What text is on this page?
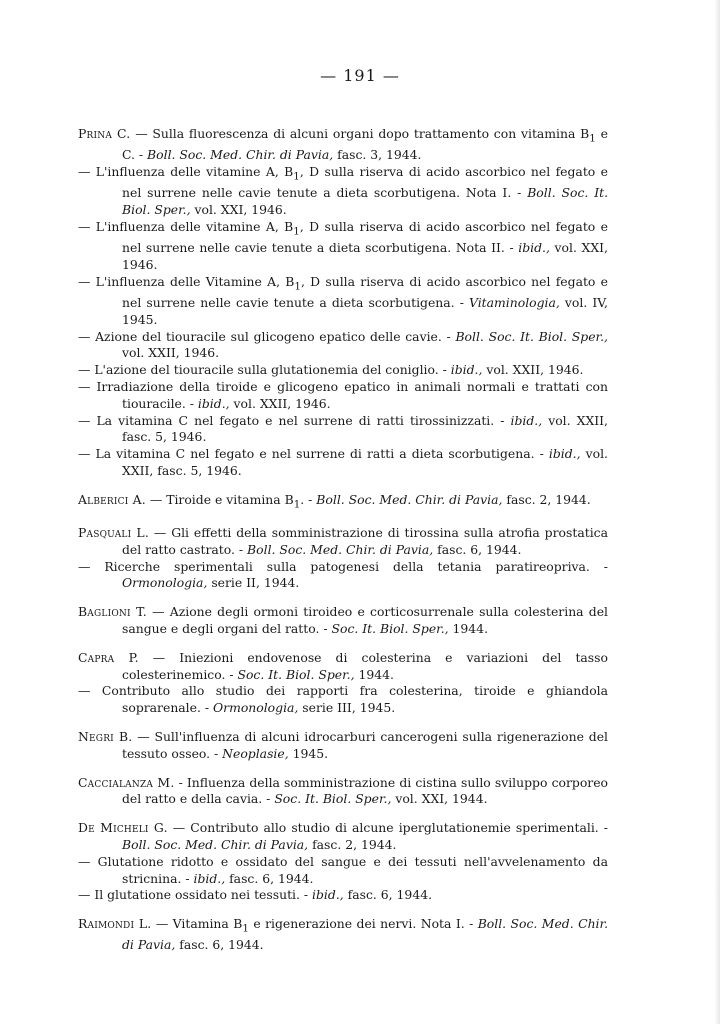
— 191 —
Prina C. — Sulla fluorescenza di alcuni organi dopo trattamento con vitamina $B_1$ e C. - Boll. Soc. Med. Chir. di Pavia, fasc. 3, 1944.
— L'influenza delle vitamine A, $B_1$, D sulla riserva di acido ascorbico nel fegato e nel surrene nelle cavie tenute a dieta scorbutigena. Nota I. - Boll. Soc. It. Biol. Sper., vol. XXI, 1946.
— L'influenza delle vitamine A, $B_1$, D sulla riserva di acido ascorbico nel fegato e nel surrene nelle cavie tenute a dieta scorbutigena. Nota II. - ibid., vol. XXI, 1946.
— L'influenza delle Vitamine A, $B_1$, D sulla riserva di acido ascorbico nel fegato e nel surrene nelle cavie tenute a dieta scorbutigena. - Vitaminologia, vol. IV, 1945.
— Azione del tiouracile sul glicogeno epatico delle cavie. - Boll. Soc. It. Biol. Sper., vol. XXII, 1946.
— L'azione del tiouracile sulla glutationemia del coniglio. - ibid., vol. XXII, 1946.
— Irradiazione della tiroide e glicogeno epatico in animali normali e trattati con tiouracile. - ibid., vol. XXII, 1946.
— La vitamina C nel fegato e nel surrene di ratti tirossinizzati. - ibid., vol. XXII, fasc. 5, 1946.
— La vitamina C nel fegato e nel surrene di ratti a dieta scorbutigena. - ibid., vol. XXII, fasc. 5, 1946.
Alberici A. — Tiroide e vitamina $B_1$. - Boll. Soc. Med. Chir. di Pavia, fasc. 2, 1944.
Pasquali L. — Gli effetti della somministrazione di tirossina sulla atrofia prostatica del ratto castrato. - Boll. Soc. Med. Chir. di Pavia, fasc. 6, 1944.
— Ricerche sperimentali sulla patogenesi della tetania paratireopriva. - Ormonologia, serie II, 1944.
Baglioni T. — Azione degli ormoni tiroideo e corticosurrenale sulla colesterina del sangue e degli organi del ratto. - Soc. It. Biol. Sper., 1944.
Capra P. — Iniezioni endovenose di colesterina e variazioni del tasso colesterinemico. - Soc. It. Biol. Sper., 1944.
— Contributo allo studio dei rapporti fra colesterina, tiroide e ghiandola soprarenale. - Ormonologia, serie III, 1945.
Negri B. — Sull'influenza di alcuni idrocarburi cancerogeni sulla rigenerazione del tessuto osseo. - Neoplasie, 1945.
Caccialanza M. - Influenza della somministrazione di cistina sullo sviluppo corporeo del ratto e della cavia. - Soc. It. Biol. Sper., vol. XXI, 1944.
De Micheli G. — Contributo allo studio di alcune iperglutationemie sperimentali. - Boll. Soc. Med. Chir. di Pavia, fasc. 2, 1944.
— Glutatione ridotto e ossidato del sangue e dei tessuti nell'avvelenamento da stricnina. - ibid., fasc. 6, 1944.
— Il glutatione ossidato nei tessuti. - ibid., fasc. 6, 1944.
Raimondi L. — Vitamina $B_1$ e rigenerazione dei nervi. Nota I. - Boll. Soc. Med. Chir. di Pavia, fasc. 6, 1944.
